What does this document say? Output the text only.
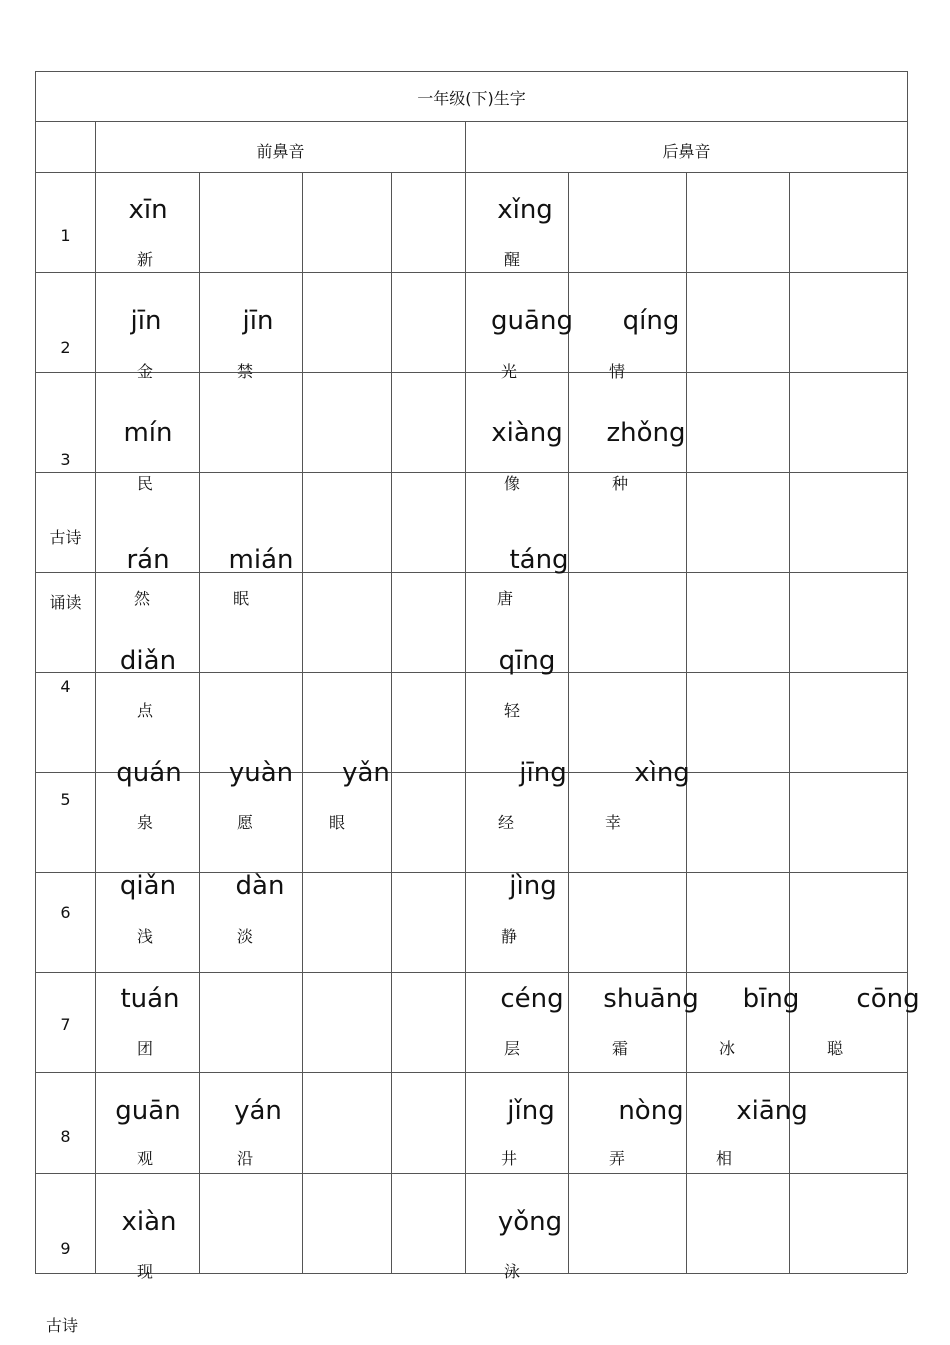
一年级(下)生字
前鼻音	后鼻音
古诗
1
2
3
古诗
诵读
4
5
6
7
8
9
xīn
新
xǐng
醒
jīn
金
jīn
禁
guāng
光
qíng
情
mín
民
xiàng
像
zhǒng
种
rán
然
mián
眠
táng
唐
diǎn
点
qīng
轻
quán
泉
yuàn
愿
yǎn
眼
jīng
经
xìng
幸
qiǎn
浅
dàn
淡
jìng
静
tuán
团
céng
层
shuāng
霜
bīng
冰
cōng
聪
guān
观
yán
沿
jǐng
井
nòng
弄
xiāng
相
xiàn
现
yǒng
泳
